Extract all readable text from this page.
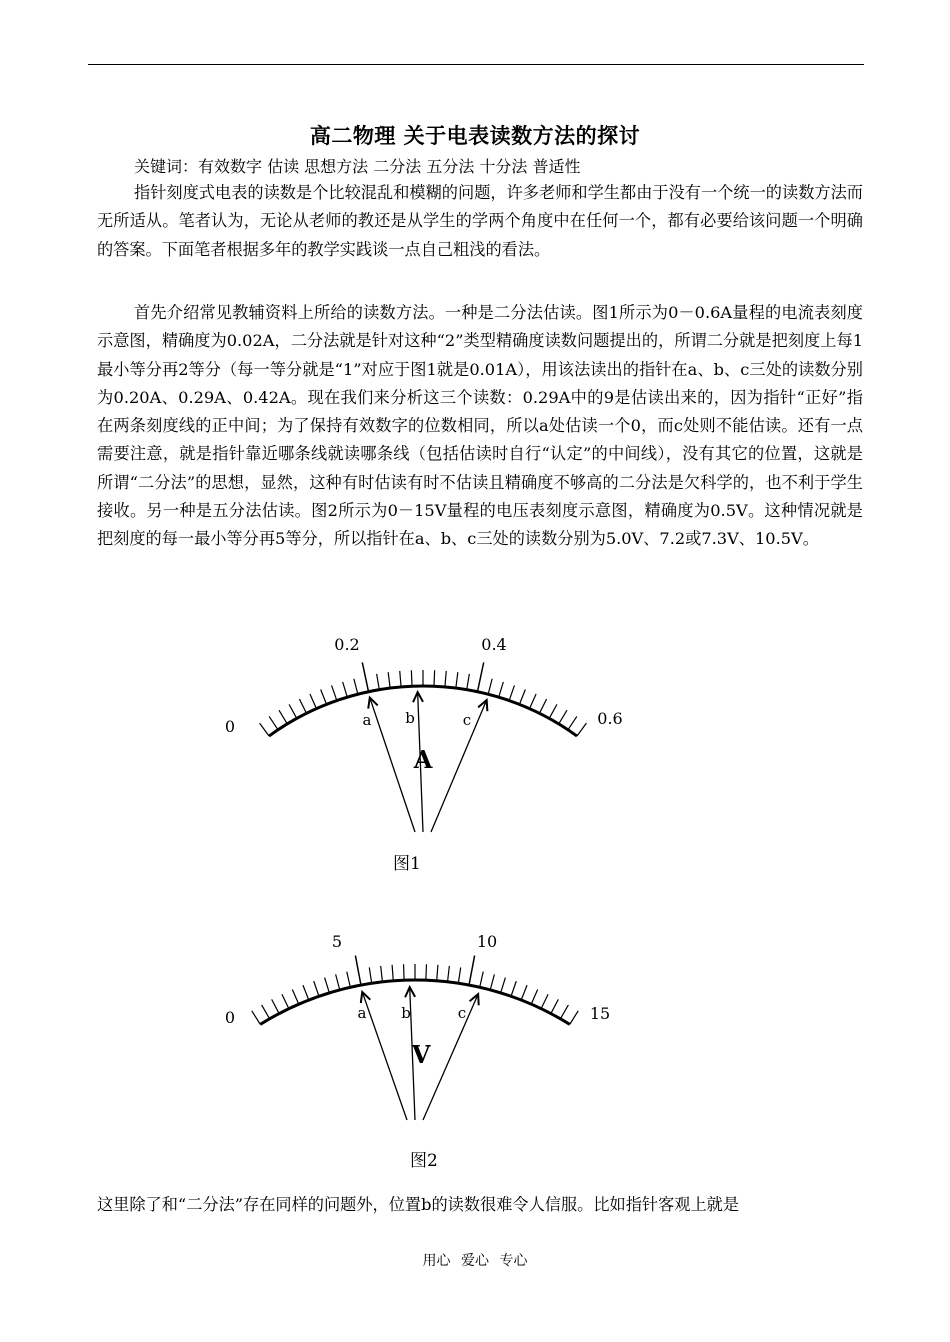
高二物理 关于电表读数方法的探讨
关键词：有效数字 估读 思想方法 二分法 五分法 十分法 普适性

指针刻度式电表的读数是个比较混乱和模糊的问题，许多老师和学生都由于没有一个统一的读数方法而无所适从。笔者认为，无论从老师的教还是从学生的学两个角度中在任何一个，都有必要给该问题一个明确的答案。下面笔者根据多年的教学实践谈一点自己粗浅的看法。

首先介绍常见教辅资料上所给的读数方法。一种是二分法估读。图1所示为0－0.6A量程的电流表刻度示意图，精确度为0.02A，二分法就是针对这种“2”类型精确度读数问题提出的，所谓二分就是把刻度上每1最小等分再2等分（每一等分就是“1”对应于图1就是0.01A），用该法读出的指针在a、b、c三处的读数分别为0.20A、0.29A、0.42A。现在我们来分析这三个读数：0.29A中的9是估读出来的，因为指针“正好”指在两条刻度线的正中间；为了保持有效数字的位数相同，所以a处估读一个0，而c处则不能估读。还有一点需要注意，就是指针靠近哪条线就读哪条线（包括估读时自行“认定”的中间线），没有其它的位置，这就是所谓“二分法”的思想，显然，这种有时估读有时不估读且精确度不够高的二分法是欠科学的，也不利于学生接收。另一种是五分法估读。图2所示为0－15V量程的电压表刻度示意图，精确度为0.5V。这种情况就是把刻度的每一最小等分再5等分，所以指针在a、b、c三处的读数分别为5.0V、7.2或7.3V、10.5V。

0
0.2	0.4
0.6
a b	c
A
图1
0
5	10
15
a b	c
V
图2

这里除了和“二分法”存在同样的问题外，位置b的读数很难令人信服。比如指针客观上就是

用心 爱心 专心
